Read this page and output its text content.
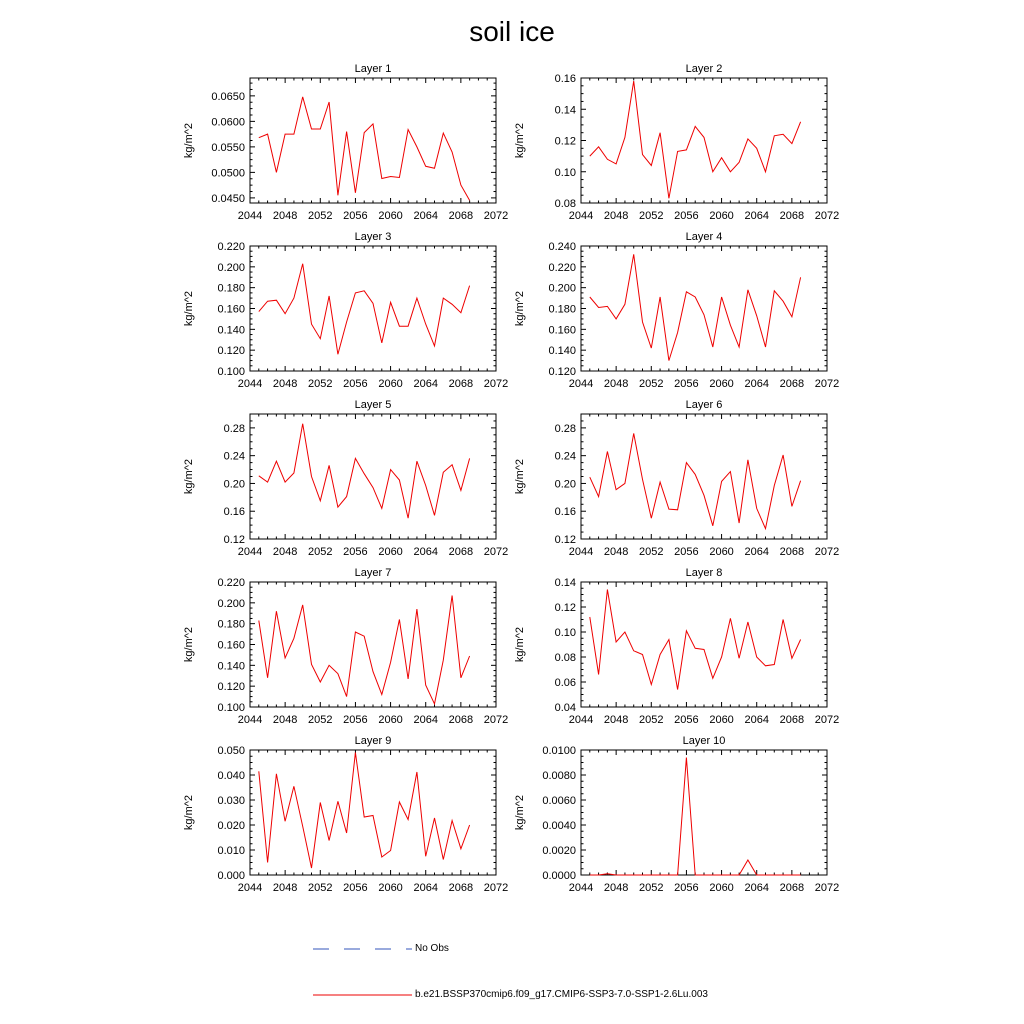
soil ice
2044 2048 2052 2056 2060 2064 2068 2072
0.0450
0.0500
0.0550
0.0600
0.0650
Layer 1
kg/m^2
2044 2048 2052 2056 2060 2064 2068 2072
0.08
0.10
0.12
0.14
0.16
Layer 2
kg/m^2
2044 2048 2052 2056 2060 2064 2068 2072
0.100
0.120
0.140
0.160
0.180
0.200
0.220
Layer 3
kg/m^2
2044 2048 2052 2056 2060 2064 2068 2072
0.120
0.140
0.160
0.180
0.200
0.220
0.240
Layer 4
kg/m^2
2044 2048 2052 2056 2060 2064 2068 2072
0.12
0.16
0.20
0.24
0.28
Layer 5
kg/m^2
2044 2048 2052 2056 2060 2064 2068 2072
0.12
0.16
0.20
0.24
0.28
Layer 6
kg/m^2
2044 2048 2052 2056 2060 2064 2068 2072
0.100
0.120
0.140
0.160
0.180
0.200
0.220
Layer 7
kg/m^2
2044 2048 2052 2056 2060 2064 2068 2072
0.04
0.06
0.08
0.10
0.12
0.14
Layer 8
kg/m^2
2044 2048 2052 2056 2060 2064 2068 2072
0.000
0.010
0.020
0.030
0.040
0.050
Layer 9
kg/m^2
2044 2048 2052 2056 2060 2064 2068 2072
0.0000
0.0020
0.0040
0.0060
0.0080
0.0100
Layer 10
kg/m^2
No Obs
b.e21.BSSP370cmip6.f09_g17.CMIP6-SSP3-7.0-SSP1-2.6Lu.003
